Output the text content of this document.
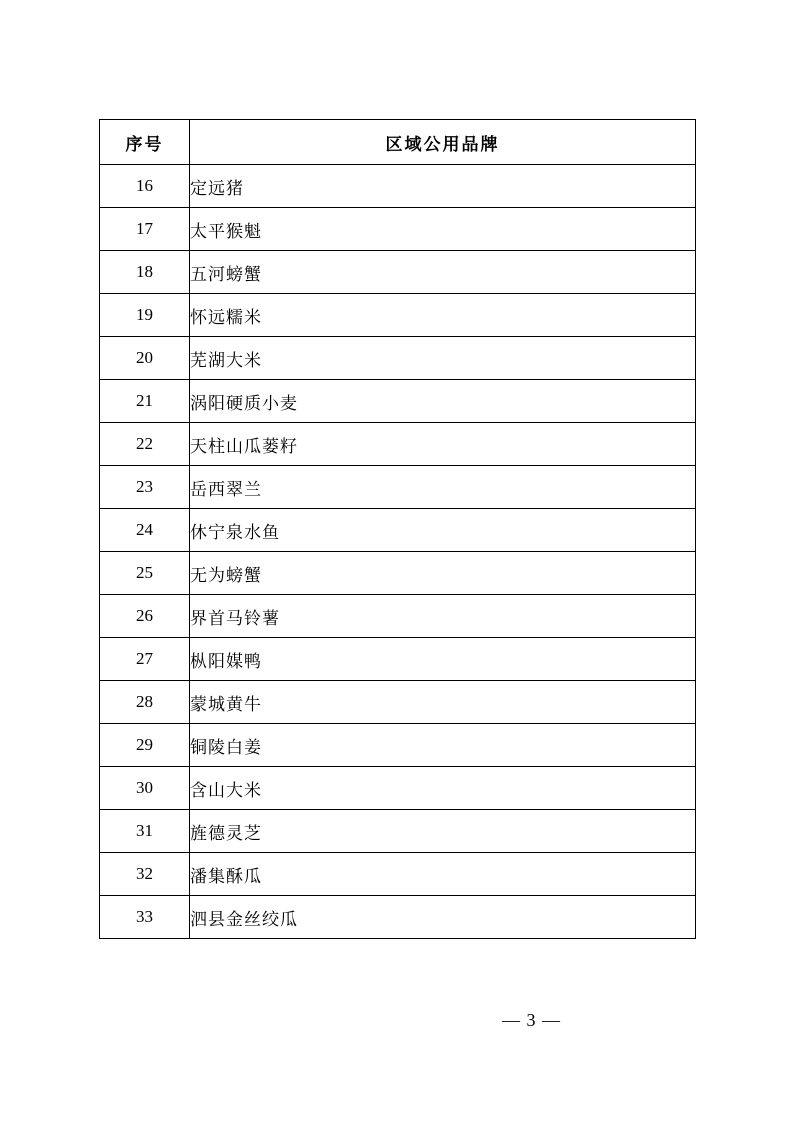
序号	区域公用品牌
16	定远猪
17	太平猴魁
18	五河螃蟹
19	怀远糯米
20	芜湖大米
21	涡阳硬质小麦
22	天柱山瓜蒌籽
23	岳西翠兰
24	休宁泉水鱼
25	无为螃蟹
26	界首马铃薯
27	枞阳媒鸭
28	蒙城黄牛
29	铜陵白姜
30	含山大米
31	旌德灵芝
32	潘集酥瓜
33	泗县金丝绞瓜
— 3 —
